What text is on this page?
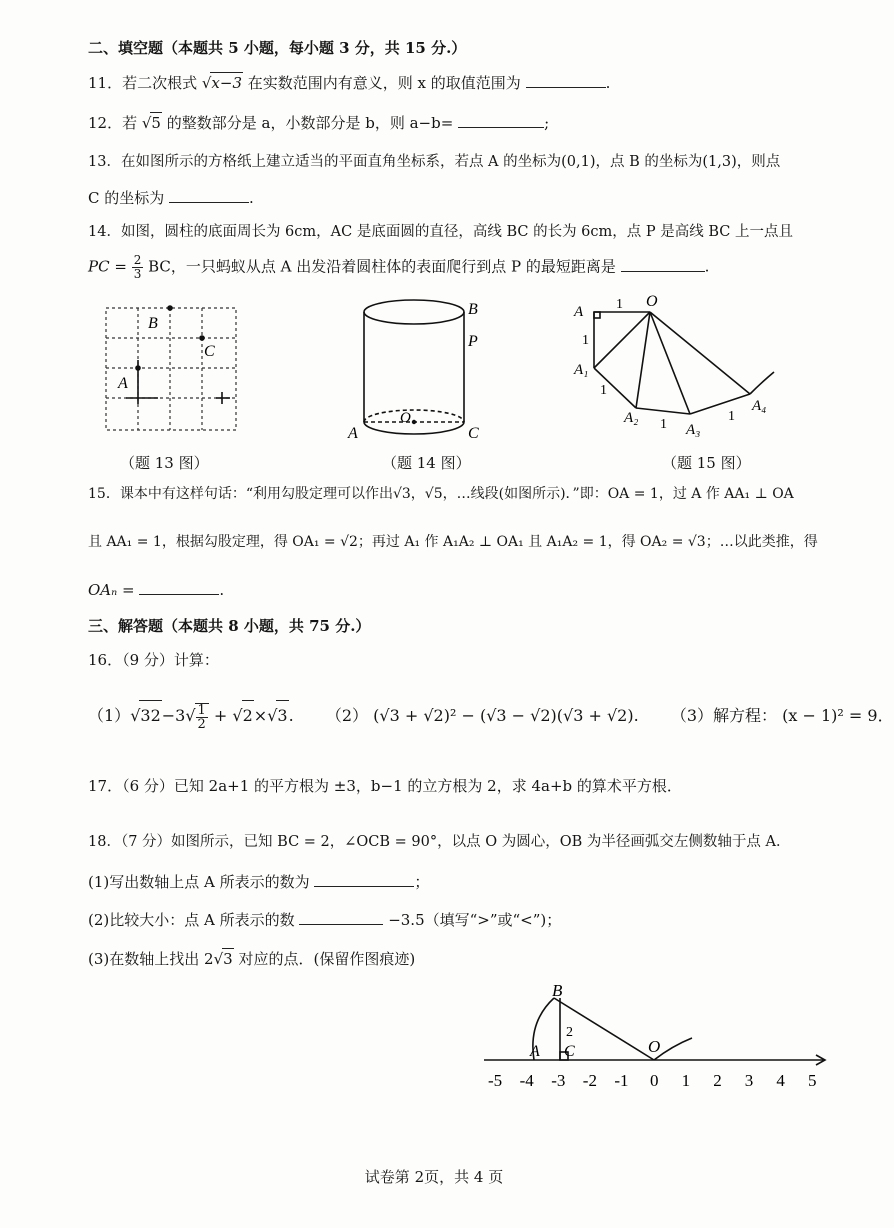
二、填空题（本题共 5 小题，每小题 3 分，共 15 分.）
11．若二次根式 √x−3 在实数范围内有意义，则 x 的取值范围为	.
12．若 √5 的整数部分是 a，小数部分是 b，则 a−b=	;
13．在如图所示的方格纸上建立适当的平面直角坐标系，若点 A 的坐标为(0,1)，点 B 的坐标为(1,3)，则点
C 的坐标为	.
14．如图，圆柱的底面周长为 6cm，AC 是底面圆的直径，高线 BC 的长为 6cm，点 P 是高线 BC 上一点且
PC = $\frac{2}{3}$ BC，一只蚂蚁从点 A 出发沿着圆柱体的表面爬行到点 P 的最短距离是	.
B
C
A
（题 13 图）
B
P
A
O
C
（题 14 图）
A 1 O
1
A₁
1
A₂ 1 A₃
1
A₄
（题 15 图）
15．课本中有这样句话：“利用勾股定理可以作出√3，√5，…线段(如图所示)．”即：OA = 1，过 A 作 AA₁ ⊥ OA
且 AA₁ = 1，根据勾股定理，得 OA₁ = √2；再过 A₁ 作 A₁A₂ ⊥ OA₁ 且 A₁A₂ = 1，得 OA₂ = √3；…以此类推，得
OAₙ =	.
三、解答题（本题共 8 小题，共 75 分.）
16．（9 分）计算：
$(1)√32-3√ \frac{1}{2} + √2\times√3$. （2） (√3 + √2)² − (√3 − √2)(√3 + √2). （3）解方程： (x − 1)² = 9．
17．（6 分）已知 2a+1 的平方根为 ±3，b−1 的立方根为 2，求 4a+b 的算术平方根．
18．（7 分）如图所示，已知 BC = 2，∠OCB = 90°，以点 O 为圆心，OB 为半径画弧交左侧数轴于点 A．
(1)写出数轴上点 A 所表示的数为	；
(2)比较大小：点 A 所表示的数	−3.5（填写“>”或“<”)；
(3)在数轴上找出 2√3 对应的点．(保留作图痕迹)
B
2
A C	O
-5 -4 -3 -2 -1 0 1 2 3 4 5
试卷第 2页，共 4 页
